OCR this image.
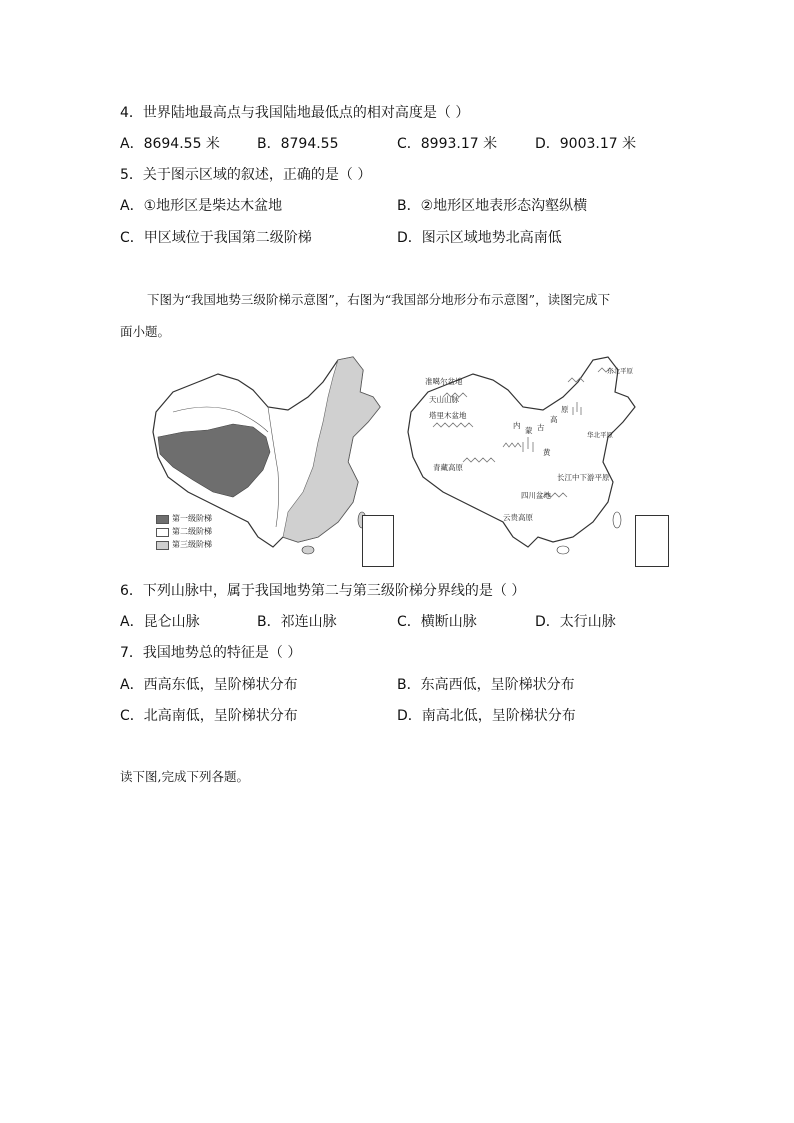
4．世界陆地最高点与我国陆地最低点的相对高度是（ ）
A．8694.55 米	B．8794.55	C．8993.17 米	D．9003.17 米
5．关于图示区域的叙述，正确的是（ ）
A．①地形区是柴达木盆地	B．②地形区地表形态沟壑纵横
C．甲区域位于我国第二级阶梯	D．图示区域地势北高南低
下图为“我国地势三级阶梯示意图”，右图为“我国部分地形分布示意图”，读图完成下
面小题。
第一级阶梯
第二级阶梯
第三级阶梯
准噶尔盆地
天山山脉
塔里木盆地
内
蒙 古
高
原
青藏高原
黄
华北平原
东北平原
长江中下游平原
四川盆地
云贵高原
6．下列山脉中，属于我国地势第二与第三级阶梯分界线的是（ ）
A．昆仑山脉	B．祁连山脉	C．横断山脉	D．太行山脉
7．我国地势总的特征是（ ）
A．西高东低，呈阶梯状分布	B．东高西低，呈阶梯状分布
C．北高南低，呈阶梯状分布	D．南高北低，呈阶梯状分布
读下图,完成下列各题。
